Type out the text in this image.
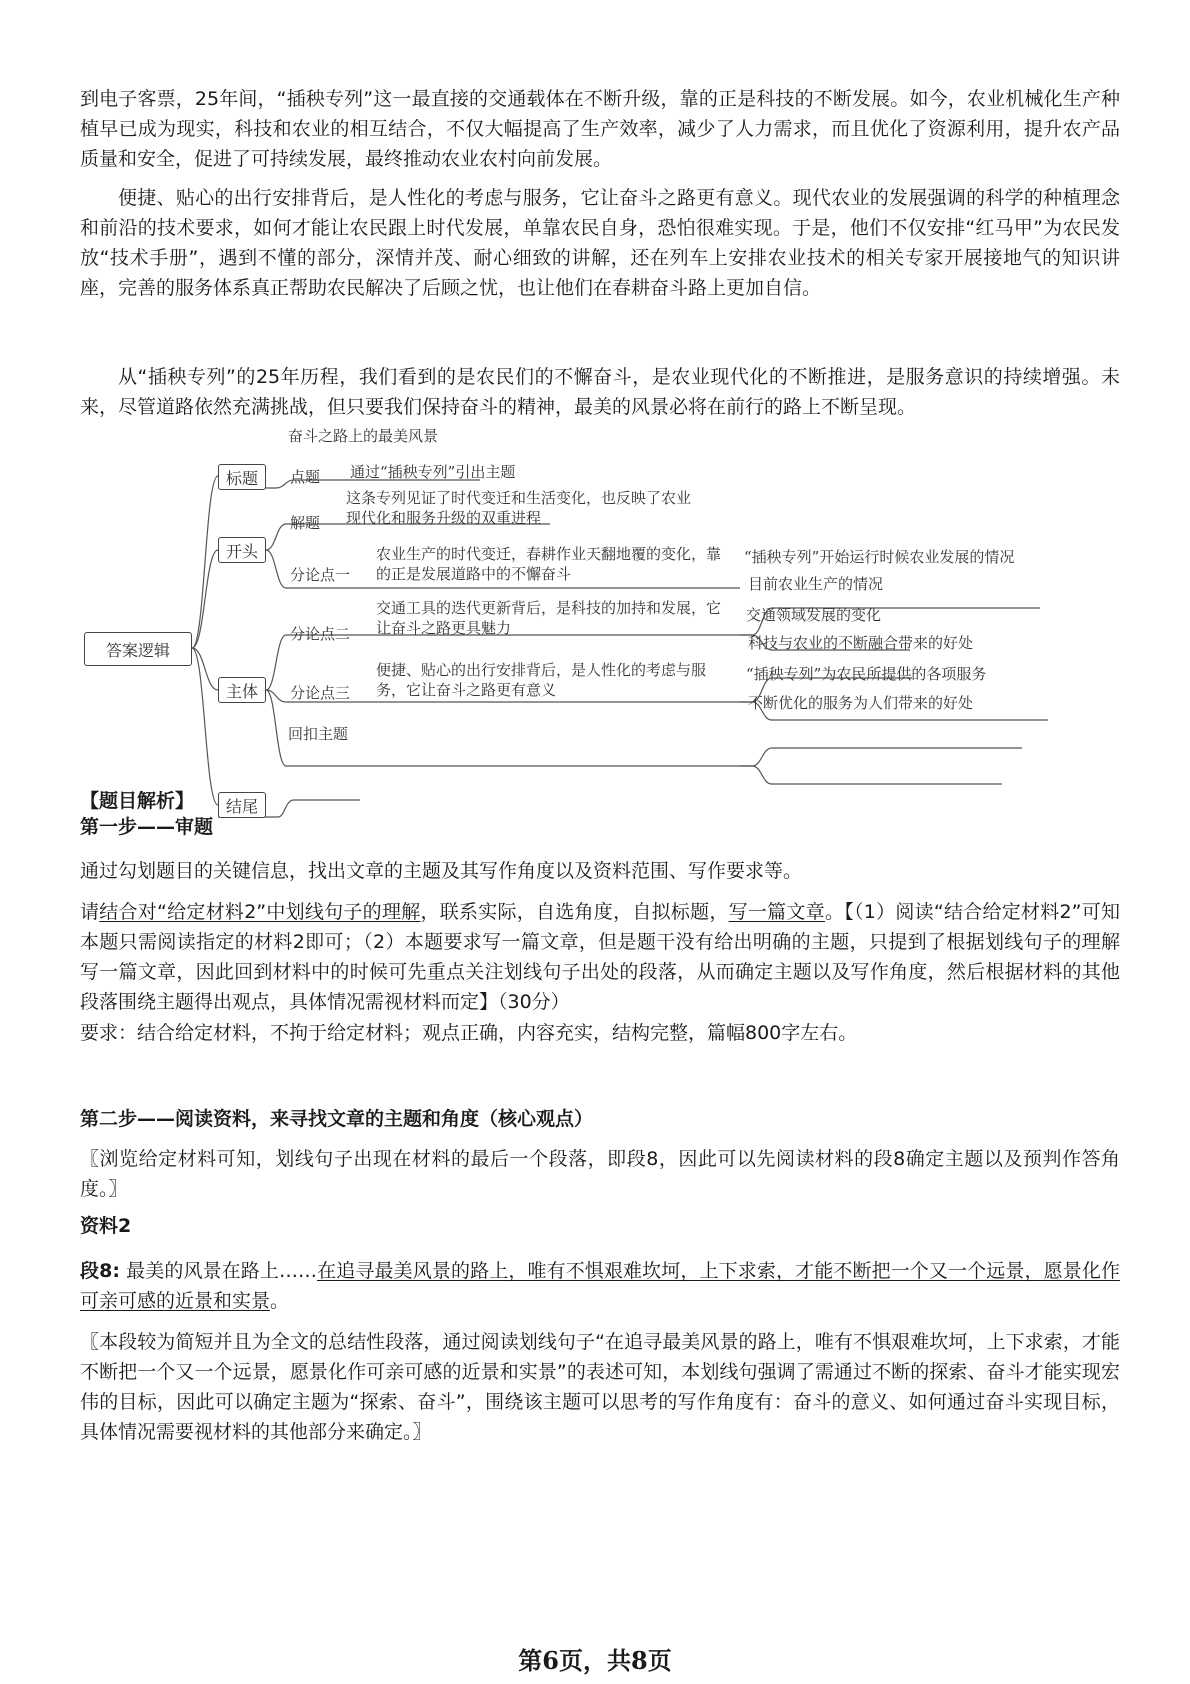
到电子客票，25年间，“插秧专列”这一最直接的交通载体在不断升级，靠的正是科技的不断发展。如今，农业机械化生产种植早已成为现实，科技和农业的相互结合，不仅大幅提高了生产效率，减少了人力需求，而且优化了资源利用，提升农产品质量和安全，促进了可持续发展，最终推动农业农村向前发展。

便捷、贴心的出行安排背后，是人性化的考虑与服务，它让奋斗之路更有意义。现代农业的发展强调的科学的种植理念和前沿的技术要求，如何才能让农民跟上时代发展，单靠农民自身，恐怕很难实现。于是，他们不仅安排“红马甲”为农民发放“技术手册”，遇到不懂的部分，深情并茂、耐心细致的讲解，还在列车上安排农业技术的相关专家开展接地气的知识讲座，完善的服务体系真正帮助农民解决了后顾之忧，也让他们在春耕奋斗路上更加自信。

从“插秧专列”的25年历程，我们看到的是农民们的不懈奋斗，是农业现代化的不断推进，是服务意识的持续增强。未来，尽管道路依然充满挑战，但只要我们保持奋斗的精神，最美的风景必将在前行的路上不断呈现。

答案逻辑
标题
开头
主体
结尾
奋斗之路上的最美风景
点题 通过“插秧专列”引出主题
解题
这条专列见证了时代变迁和生活变化，也反映了农业现代化和服务升级的双重进程
分论点一
农业生产的时代变迁，春耕作业天翻地覆的变化，靠的正是发展道路中的不懈奋斗
“插秧专列”开始运行时候农业发展的情况
目前农业生产的情况
分论点二
交通工具的迭代更新背后，是科技的加持和发展，它让奋斗之路更具魅力
交通领域发展的变化
科技与农业的不断融合带来的好处
分论点三
便捷、贴心的出行安排背后，是人性化的考虑与服务，它让奋斗之路更有意义
“插秧专列”为农民所提供的各项服务
不断优化的服务为人们带来的好处
回扣主题

【题目解析】

第一步——审题

通过勾划题目的关键信息，找出文章的主题及其写作角度以及资料范围、写作要求等。

请结合对“给定材料2”中划线句子的理解，联系实际，自选角度，自拟标题，写一篇文章。【（1）阅读“结合给定材料2”可知本题只需阅读指定的材料2即可；（2）本题要求写一篇文章，但是题干没有给出明确的主题，只提到了根据划线句子的理解写一篇文章，因此回到材料中的时候可先重点关注划线句子出处的段落，从而确定主题以及写作角度，然后根据材料的其他段落围绕主题得出观点，具体情况需视材料而定】（30分）

要求：结合给定材料，不拘于给定材料；观点正确，内容充实，结构完整，篇幅800字左右。

第二步——阅读资料，来寻找文章的主题和角度（核心观点）

〖浏览给定材料可知，划线句子出现在材料的最后一个段落，即段8，因此可以先阅读材料的段8确定主题以及预判作答角度。〗

资料2

段8: 最美的风景在路上……在追寻最美风景的路上，唯有不惧艰难坎坷，上下求索，才能不断把一个又一个远景，愿景化作可亲可感的近景和实景。

〖本段较为简短并且为全文的总结性段落，通过阅读划线句子“在追寻最美风景的路上，唯有不惧艰难坎坷，上下求索，才能不断把一个又一个远景，愿景化作可亲可感的近景和实景”的表述可知，本划线句强调了需通过不断的探索、奋斗才能实现宏伟的目标，因此可以确定主题为“探索、奋斗”，围绕该主题可以思考的写作角度有：奋斗的意义、如何通过奋斗实现目标，具体情况需要视材料的其他部分来确定。〗

第6页，共8页
